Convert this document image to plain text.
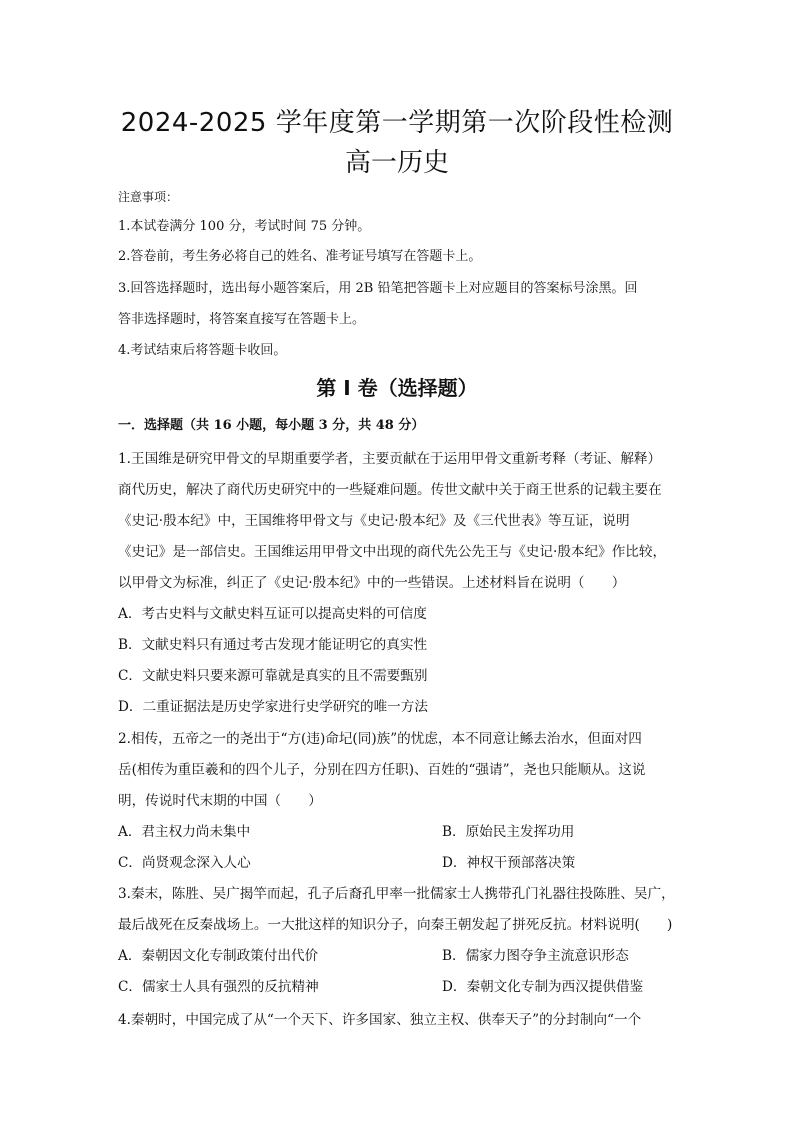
2024-2025 学年度第一学期第一次阶段性检测
高一历史
注意事项：
1.本试卷满分 100 分，考试时间 75 分钟。
2.答卷前，考生务必将自己的姓名、准考证号填写在答题卡上。
3.回答选择题时，选出每小题答案后，用 2B 铅笔把答题卡上对应题目的答案标号涂黑。回
答非选择题时，将答案直接写在答题卡上。
4.考试结束后将答题卡收回。
第 I 卷（选择题）
一．选择题（共 16 小题，每小题 3 分，共 48 分）
1.王国维是研究甲骨文的早期重要学者，主要贡献在于运用甲骨文重新考释（考证、解释）
商代历史，解决了商代历史研究中的一些疑难问题。传世文献中关于商王世系的记载主要在
《史记·殷本纪》中，王国维将甲骨文与《史记·殷本纪》及《三代世表》等互证，说明
《史记》是一部信史。王国维运用甲骨文中出现的商代先公先王与《史记·殷本纪》作比较，
以甲骨文为标准，纠正了《史记·殷本纪》中的一些错误。上述材料旨在说明（　　）
A．考古史料与文献史料互证可以提高史料的可信度
B．文献史料只有通过考古发现才能证明它的真实性
C．文献史料只要来源可靠就是真实的且不需要甄别
D．二重证据法是历史学家进行史学研究的唯一方法
2.相传，五帝之一的尧出于“方(违)命圮(同)族”的忧虑，本不同意让鲧去治水，但面对四
岳(相传为重臣羲和的四个儿子，分别在四方任职)、百姓的“强请”，尧也只能顺从。这说
明，传说时代末期的中国（　　）
A．君主权力尚未集中	B．原始民主发挥功用
C．尚贤观念深入人心	D．神权干预部落决策
3.秦末，陈胜、吴广揭竿而起，孔子后裔孔甲率一批儒家士人携带孔门礼器往投陈胜、吴广，
最后战死在反秦战场上。一大批这样的知识分子，向秦王朝发起了拼死反抗。材料说明(　　)
A．秦朝因文化专制政策付出代价	B．儒家力图夺争主流意识形态
C．儒家士人具有强烈的反抗精神	D．秦朝文化专制为西汉提供借鉴
4.秦朝时，中国完成了从“一个天下、许多国家、独立主权、供奉天子”的分封制向“一个
